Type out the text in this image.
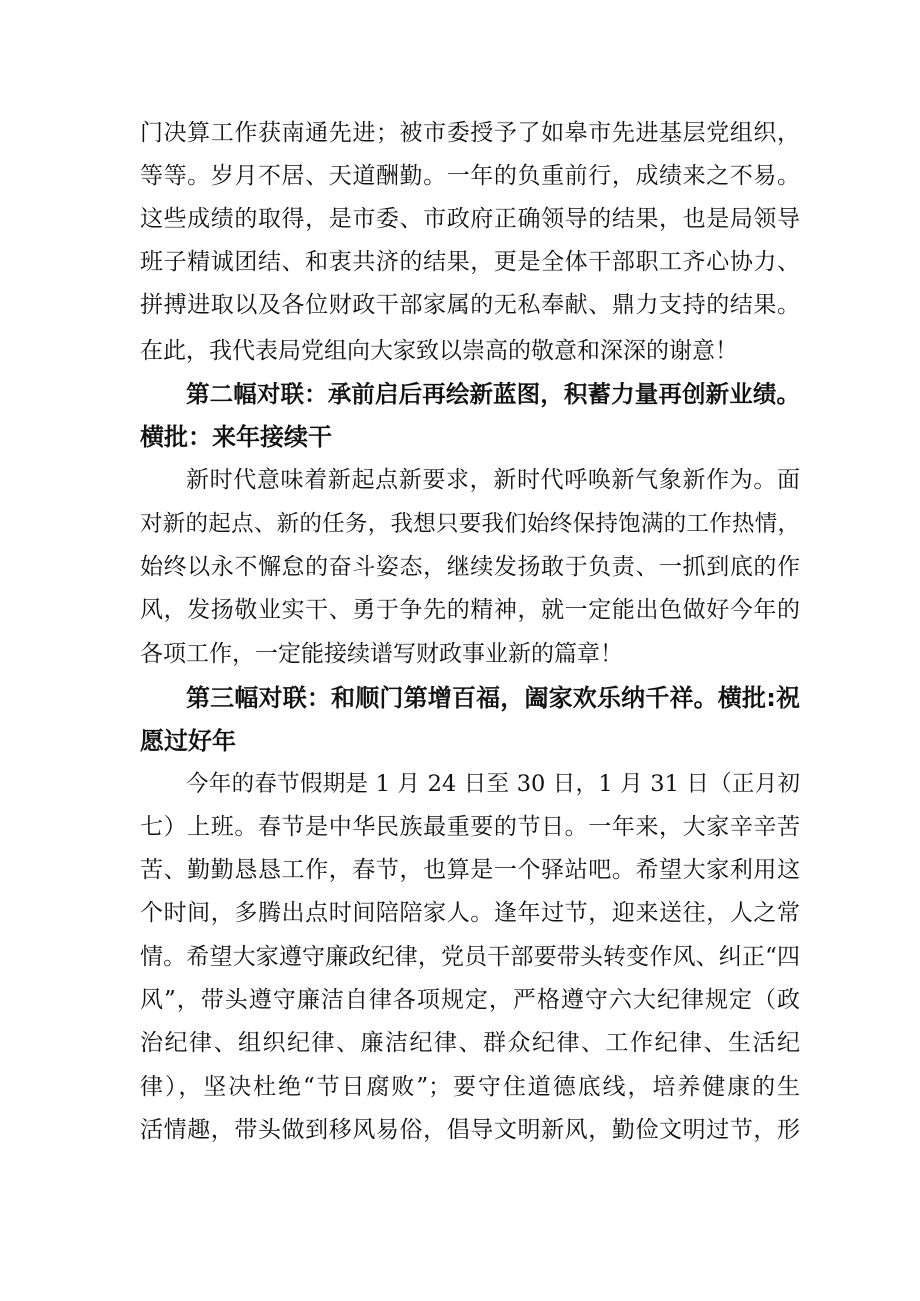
门决算工作获南通先进；被市委授予了如皋市先进基层党组织，
等等。岁月不居、天道酬勤。一年的负重前行，成绩来之不易。
这些成绩的取得，是市委、市政府正确领导的结果，也是局领导
班子精诚团结、和衷共济的结果，更是全体干部职工齐心协力、
拼搏进取以及各位财政干部家属的无私奉献、鼎力支持的结果。
在此，我代表局党组向大家致以崇高的敬意和深深的谢意！
第二幅对联：承前启后再绘新蓝图，积蓄力量再创新业绩。
横批：来年接续干
新时代意味着新起点新要求，新时代呼唤新气象新作为。面
对新的起点、新的任务，我想只要我们始终保持饱满的工作热情，
始终以永不懈怠的奋斗姿态，继续发扬敢于负责、一抓到底的作
风，发扬敬业实干、勇于争先的精神，就一定能出色做好今年的
各项工作，一定能接续谱写财政事业新的篇章！
第三幅对联：和顺门第增百福，阖家欢乐纳千祥。横批:祝
愿过好年
今年的春节假期是 1 月 24 日至 30 日，1 月 31 日（正月初
七）上班。春节是中华民族最重要的节日。一年来，大家辛辛苦
苦、勤勤恳恳工作，春节，也算是一个驿站吧。希望大家利用这
个时间，多腾出点时间陪陪家人。逢年过节，迎来送往，人之常
情。希望大家遵守廉政纪律，党员干部要带头转变作风、纠正“四
风”，带头遵守廉洁自律各项规定，严格遵守六大纪律规定（政
治纪律、组织纪律、廉洁纪律、群众纪律、工作纪律、生活纪
律），坚决杜绝“节日腐败”；要守住道德底线，培养健康的生
活情趣，带头做到移风易俗，倡导文明新风，勤俭文明过节，形
